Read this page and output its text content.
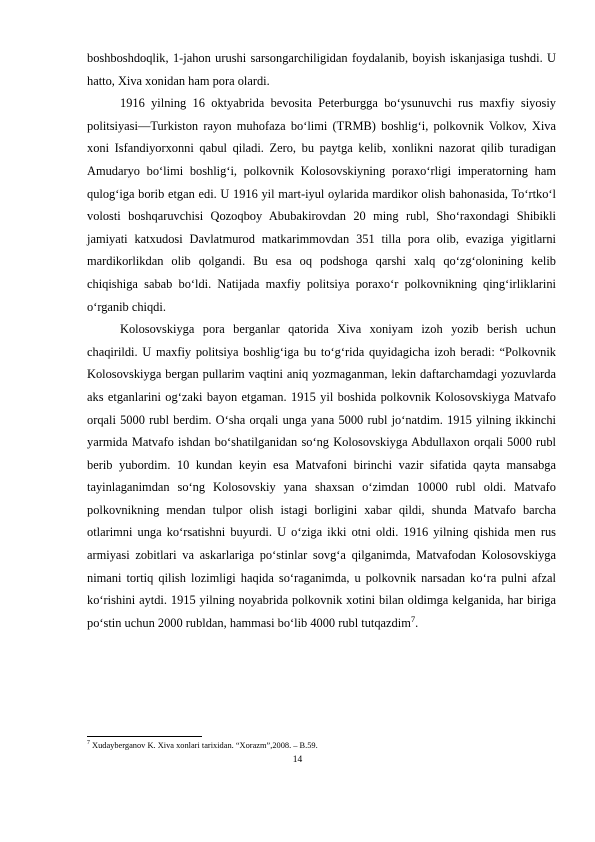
boshboshdoqlik, 1-jahon urushi sarsongarchiligidan foydalanib, boyish iskanjasiga tushdi. U hatto, Xiva xonidan ham pora olardi.

1916 yilning 16 oktyabrida bevosita Peterburgga bo‘ysunuvchi rus maxfiy siyosiy politsiyasi—Turkiston rayon muhofaza bo‘limi (TRMB) boshlig‘i, polkovnik Volkov, Xiva xoni Isfandiyorxonni qabul qiladi. Zero, bu paytga kelib, xonlikni nazorat qilib turadigan Amudaryo bo‘limi boshlig‘i, polkovnik Kolosovskiyning poraxo‘rligi imperatorning ham qulog‘iga borib etgan edi. U 1916 yil mart-iyul oylarida mardikor olish bahonasida, To‘rtko‘l volosti boshqaruvchisi Qozoqboy Abubakirovdan 20 ming rubl, Sho‘raxondagi Shibikli jamiyati katxudosi Davlatmurod matkarimmovdan 351 tilla pora olib, evaziga yigitlarni mardikorlikdan olib qolgandi. Bu esa oq podshoga qarshi xalq qo‘zg‘olonining kelib chiqishiga sabab bo‘ldi. Natijada maxfiy politsiya poraxo‘r polkovnikning qing‘irliklarini o‘rganib chiqdi.

Kolosovskiyga pora berganlar qatorida Xiva xoniyam izoh yozib berish uchun chaqirildi. U maxfiy politsiya boshlig‘iga bu to‘g‘rida quyidagicha izoh beradi: “Polkovnik Kolosovskiyga bergan pullarim vaqtini aniq yozmaganman, lekin daftarchamdagi yozuvlarda aks etganlarini og‘zaki bayon etgaman. 1915 yil boshida polkovnik Kolosovskiyga Matvafo orqali 5000 rubl berdim. O‘sha orqali unga yana 5000 rubl jo‘natdim. 1915 yilning ikkinchi yarmida Matvafo ishdan bo‘shatilganidan so‘ng Kolosovskiyga Abdullaxon orqali 5000 rubl berib yubordim. 10 kundan keyin esa Matvafoni birinchi vazir sifatida qayta mansabga tayinlaganimdan so‘ng Kolosovskiy yana shaxsan o‘zimdan 10000 rubl oldi. Matvafo polkovnikning mendan tulpor olish istagi borligini xabar qildi, shunda Matvafo barcha otlarimni unga ko‘rsatishni buyurdi. U o‘ziga ikki otni oldi. 1916 yilning qishida men rus armiyasi zobitlari va askarlariga po‘stinlar sovg‘a qilganimda, Matvafodan Kolosovskiyga nimani tortiq qilish lozimligi haqida so‘raganimda, u polkovnik narsadan ko‘ra pulni afzal ko‘rishini aytdi. 1915 yilning noyabrida polkovnik xotini bilan oldimga kelganida, har biriga po‘stin uchun 2000 rubldan, hammasi bo‘lib 4000 rubl tutqazdim$^7$.

$^7$ Xudayberganov K. Xiva xonlari tarixidan. “Xorazm”,2008. – B.59.
14
